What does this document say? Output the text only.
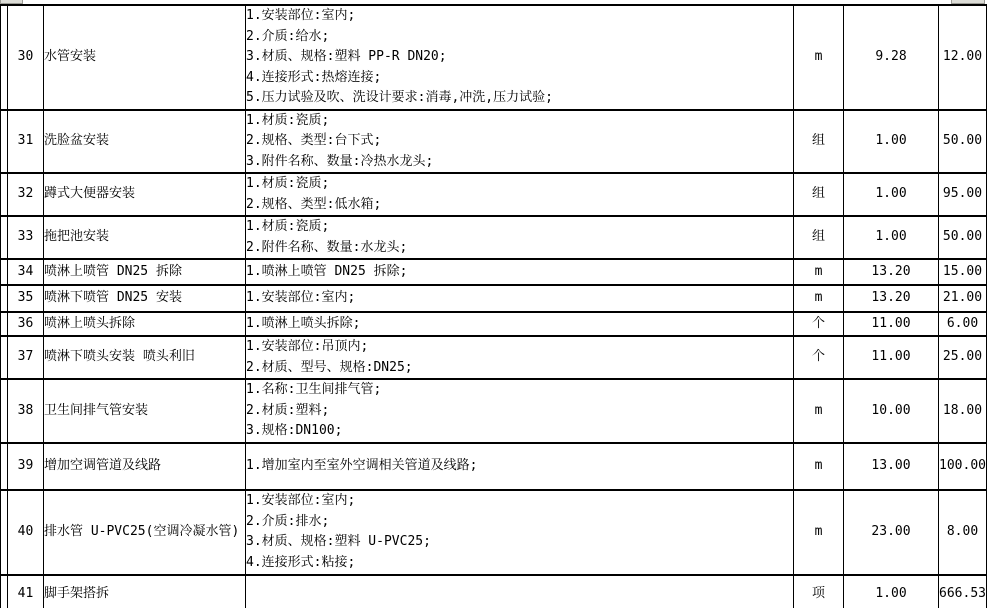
	30	水管安装	1.安装部位:室内;
2.介质:给水;
3.材质、规格:塑料 PP-R DN20;
4.连接形式:热熔连接;
5.压力试验及吹、洗设计要求:消毒,冲洗,压力试验;	m	9.28	12.00
	31	洗脸盆安装	1.材质:瓷质;
2.规格、类型:台下式;
3.附件名称、数量:冷热水龙头;	组	1.00	50.00
	32	蹲式大便器安装	1.材质:瓷质;
2.规格、类型:低水箱;	组	1.00	95.00
	33	拖把池安装	1.材质:瓷质;
2.附件名称、数量:水龙头;	组	1.00	50.00
	34	喷淋上喷管 DN25 拆除	1.喷淋上喷管 DN25 拆除;	m	13.20	15.00
	35	喷淋下喷管 DN25 安装	1.安装部位:室内;	m	13.20	21.00
	36	喷淋上喷头拆除	1.喷淋上喷头拆除;	个	11.00	6.00
	37	喷淋下喷头安装 喷头利旧	1.安装部位:吊顶内;
2.材质、型号、规格:DN25;	个	11.00	25.00
	38	卫生间排气管安装	1.名称:卫生间排气管;
2.材质:塑料;
3.规格:DN100;	m	10.00	18.00
	39	增加空调管道及线路	1.增加室内至室外空调相关管道及线路;	m	13.00	100.00
	40	排水管 U-PVC25(空调冷凝水管)	1.安装部位:室内;
2.介质:排水;
3.材质、规格:塑料 U-PVC25;
4.连接形式:粘接;	m	23.00	8.00
	41	脚手架搭拆		项	1.00	666.53
